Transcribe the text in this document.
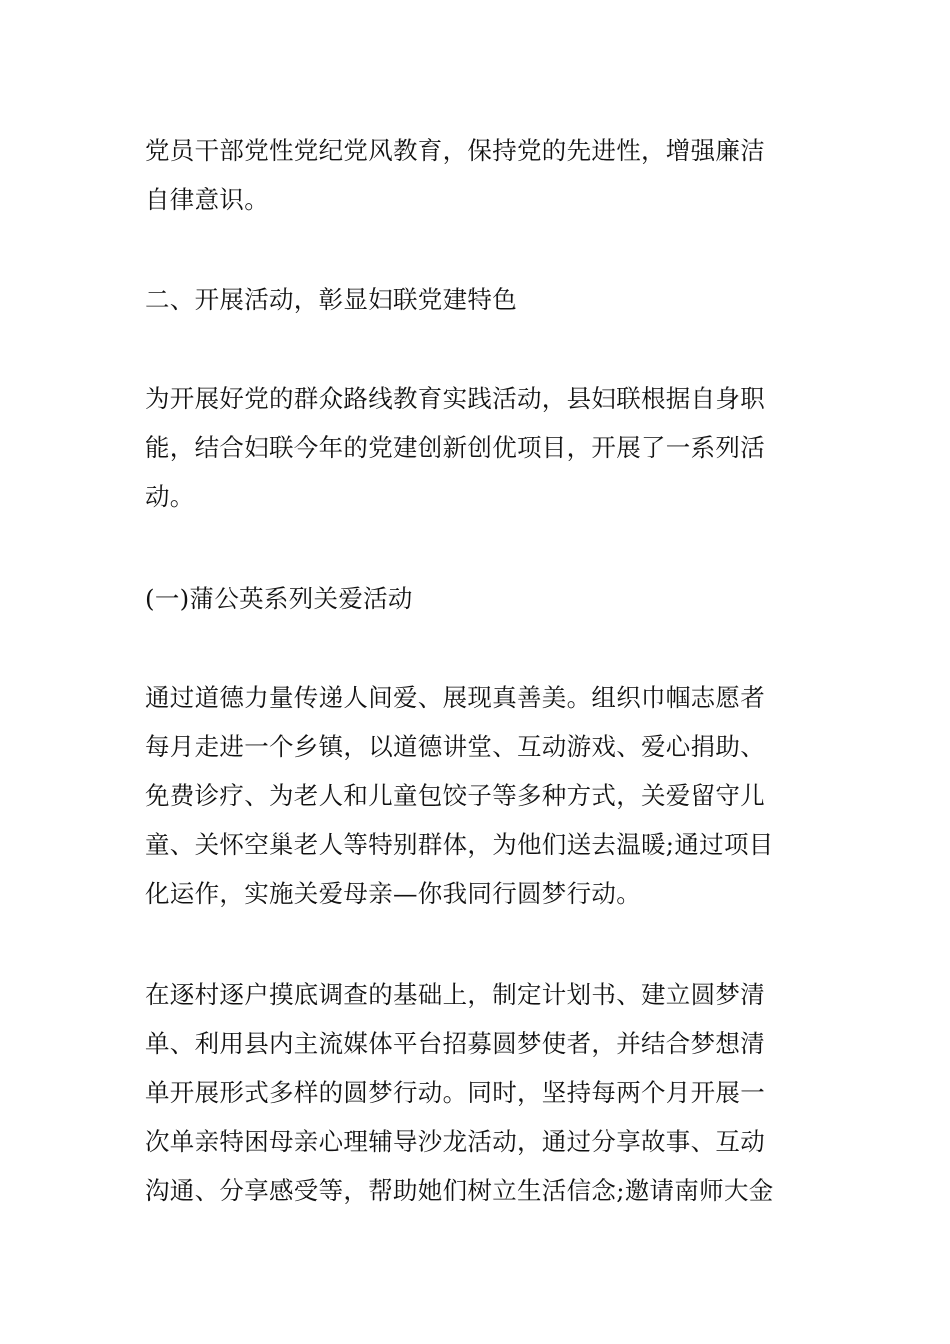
党员干部党性党纪党风教育，保持党的先进性，增强廉洁
自律意识。
二、开展活动，彰显妇联党建特色
为开展好党的群众路线教育实践活动，县妇联根据自身职
能，结合妇联今年的党建创新创优项目，开展了一系列活
动。
(一)蒲公英系列关爱活动
通过道德力量传递人间爱、展现真善美。组织巾帼志愿者
每月走进一个乡镇，以道德讲堂、互动游戏、爱心捐助、
免费诊疗、为老人和儿童包饺子等多种方式，关爱留守儿
童、关怀空巢老人等特别群体，为他们送去温暖;通过项目
化运作，实施关爱母亲—你我同行圆梦行动。
在逐村逐户摸底调查的基础上，制定计划书、建立圆梦清
单、利用县内主流媒体平台招募圆梦使者，并结合梦想清
单开展形式多样的圆梦行动。同时，坚持每两个月开展一
次单亲特困母亲心理辅导沙龙活动，通过分享故事、互动
沟通、分享感受等，帮助她们树立生活信念;邀请南师大金
